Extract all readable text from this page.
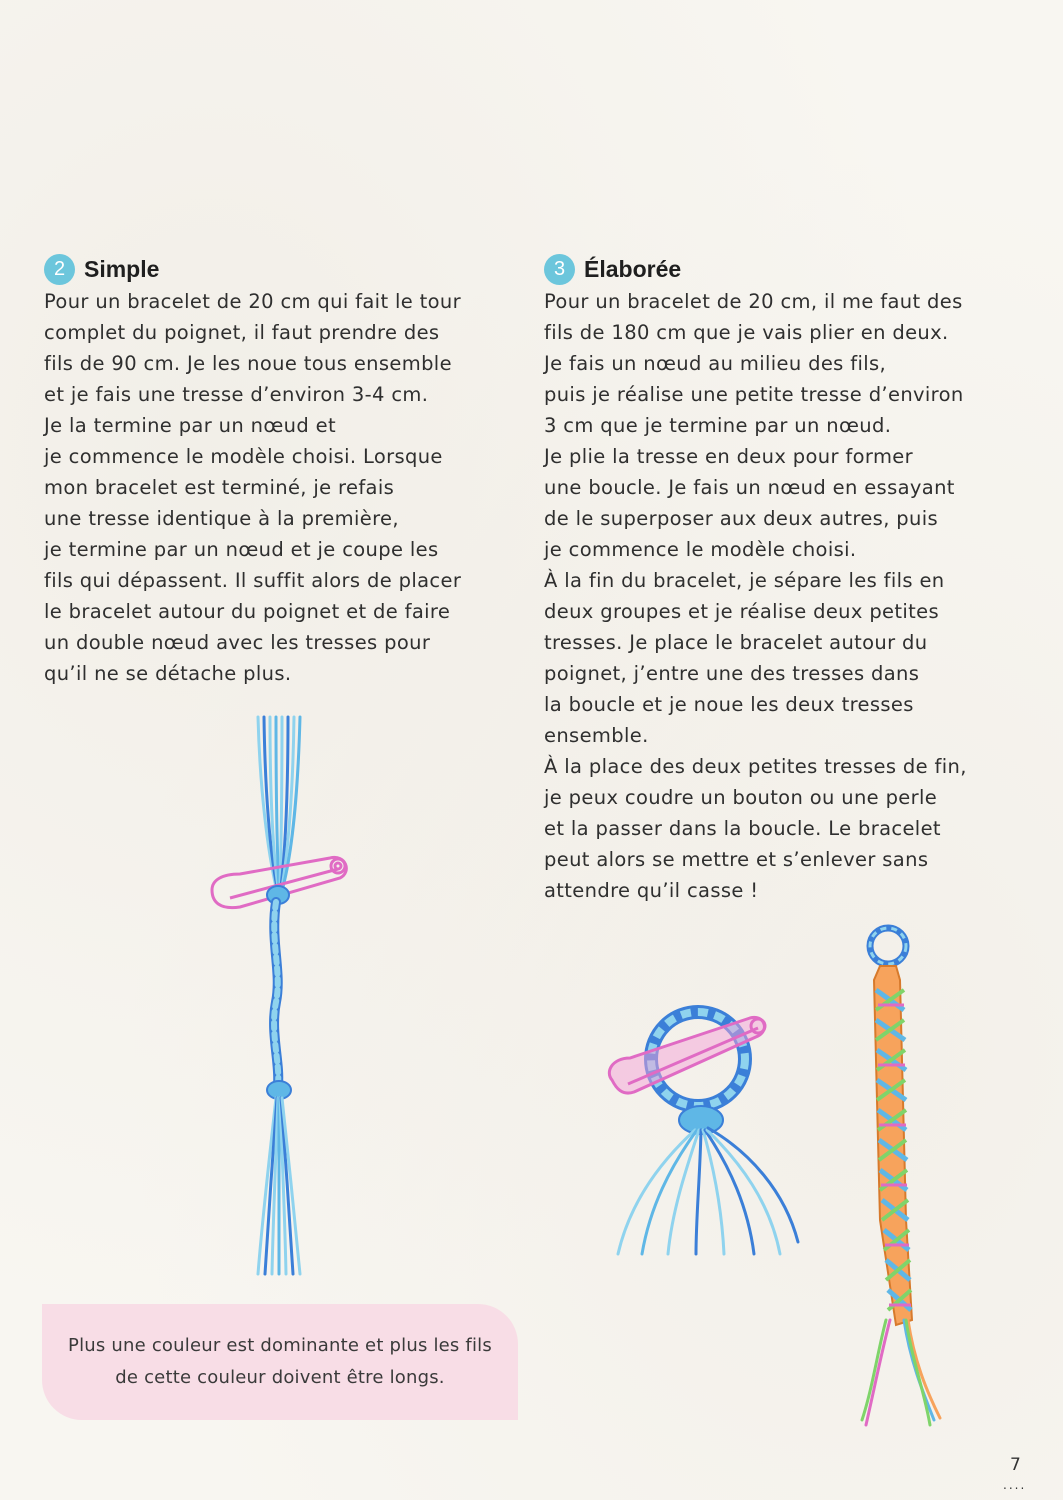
2 Simple

Pour un bracelet de 20 cm qui fait le tour
complet du poignet, il faut prendre des
fils de 90 cm. Je les noue tous ensemble
et je fais une tresse d’environ 3-4 cm.
Je la termine par un nœud et
je commence le modèle choisi. Lorsque
mon bracelet est terminé, je refais
une tresse identique à la première,
je termine par un nœud et je coupe les
fils qui dépassent. Il suffit alors de placer
le bracelet autour du poignet et de faire
un double nœud avec les tresses pour
qu’il ne se détache plus.

3 Élaborée

Pour un bracelet de 20 cm, il me faut des
fils de 180 cm que je vais plier en deux.
Je fais un nœud au milieu des fils,
puis je réalise une petite tresse d’environ
3 cm que je termine par un nœud.
Je plie la tresse en deux pour former
une boucle. Je fais un nœud en essayant
de le superposer aux deux autres, puis
je commence le modèle choisi.
À la fin du bracelet, je sépare les fils en
deux groupes et je réalise deux petites
tresses. Je place le bracelet autour du
poignet, j’entre une des tresses dans
la boucle et je noue les deux tresses
ensemble.
À la place des deux petites tresses de fin,
je peux coudre un bouton ou une perle
et la passer dans la boucle. Le bracelet
peut alors se mettre et s’enlever sans
attendre qu’il casse !

Plus une couleur est dominante et plus les fils
de cette couleur doivent être longs.
7
....
